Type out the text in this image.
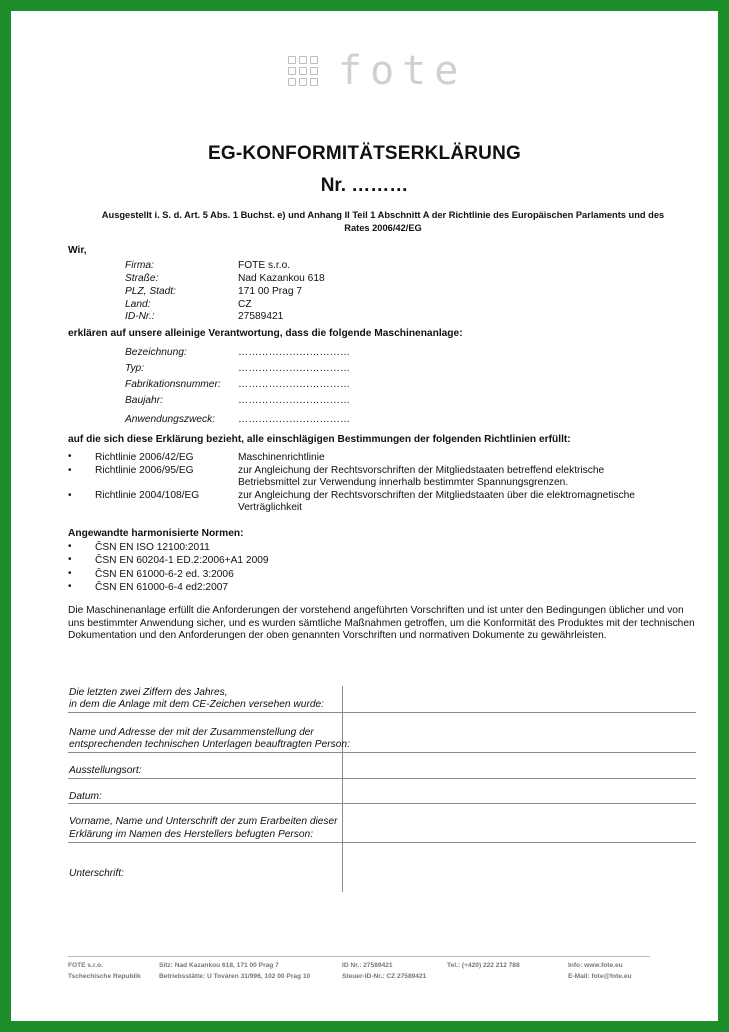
fote
EG-KONFORMITÄTSERKLÄRUNG
Nr. ………
Ausgestellt i. S. d. Art. 5 Abs. 1 Buchst. e) und Anhang II Teil 1 Abschnitt A der Richtlinie des Europäischen Parlaments und des
Rates 2006/42/EG
Wir,
Firma:	FOTE s.r.o.
Straße:	Nad Kazankou 618
PLZ, Stadt:	171 00 Prag 7
Land:	CZ
ID-Nr.:	27589421
erklären auf unsere alleinige Verantwortung, dass die folgende Maschinenanlage:
Bezeichnung:	……………………………
Typ:	……………………………
Fabrikationsnummer: ……………………………
Baujahr:	……………………………
Anwendungszweck: ……………………………
auf die sich diese Erklärung bezieht, alle einschlägigen Bestimmungen der folgenden Richtlinien erfüllt:
• Richtlinie 2006/42/EG	Maschinenrichtlinie
• Richtlinie 2006/95/EG	zur Angleichung der Rechtsvorschriften der Mitgliedstaaten betreffend elektrische
Betriebsmittel zur Verwendung innerhalb bestimmter Spannungsgrenzen.
• Richtlinie 2004/108/EG	zur Angleichung der Rechtsvorschriften der Mitgliedstaaten über die elektromagnetische
Verträglichkeit
Angewandte harmonisierte Normen:
• ČSN EN ISO 12100:2011
• ČSN EN 60204-1 ED.2:2006+A1 2009
• ČSN EN 61000-6-2 ed. 3:2006
• ČSN EN 61000-6-4 ed2:2007
Die Maschinenanlage erfüllt die Anforderungen der vorstehend angeführten Vorschriften und ist unter den Bedingungen üblicher und von uns bestimmter Anwendung sicher, und es wurden sämtliche Maßnahmen getroffen, um die Konformität des Produktes mit der technischen Dokumentation und den Anforderungen der oben genannten Vorschriften und normativen Dokumente zu gewährleisten.
Die letzten zwei Ziffern des Jahres,
in dem die Anlage mit dem CE-Zeichen versehen wurde:
Name und Adresse der mit der Zusammenstellung der
entsprechenden technischen Unterlagen beauftragten Person:
Ausstellungsort:
Datum:
Vorname, Name und Unterschrift der zum Erarbeiten dieser
Erklärung im Namen des Herstellers befugten Person:
Unterschrift:
FOTE s.r.o.
Tschechische Republik
Sitz: Nad Kazankou 618, 171 00 Prag 7
Betriebsstätte: U Továren 31/996, 102 00 Prag 10
ID Nr.: 27589421
Steuer-ID-Nr.: CZ 27589421
Tel.: (+420) 222 212 788	Info: www.fote.eu
E-Mail: fote@fote.eu
